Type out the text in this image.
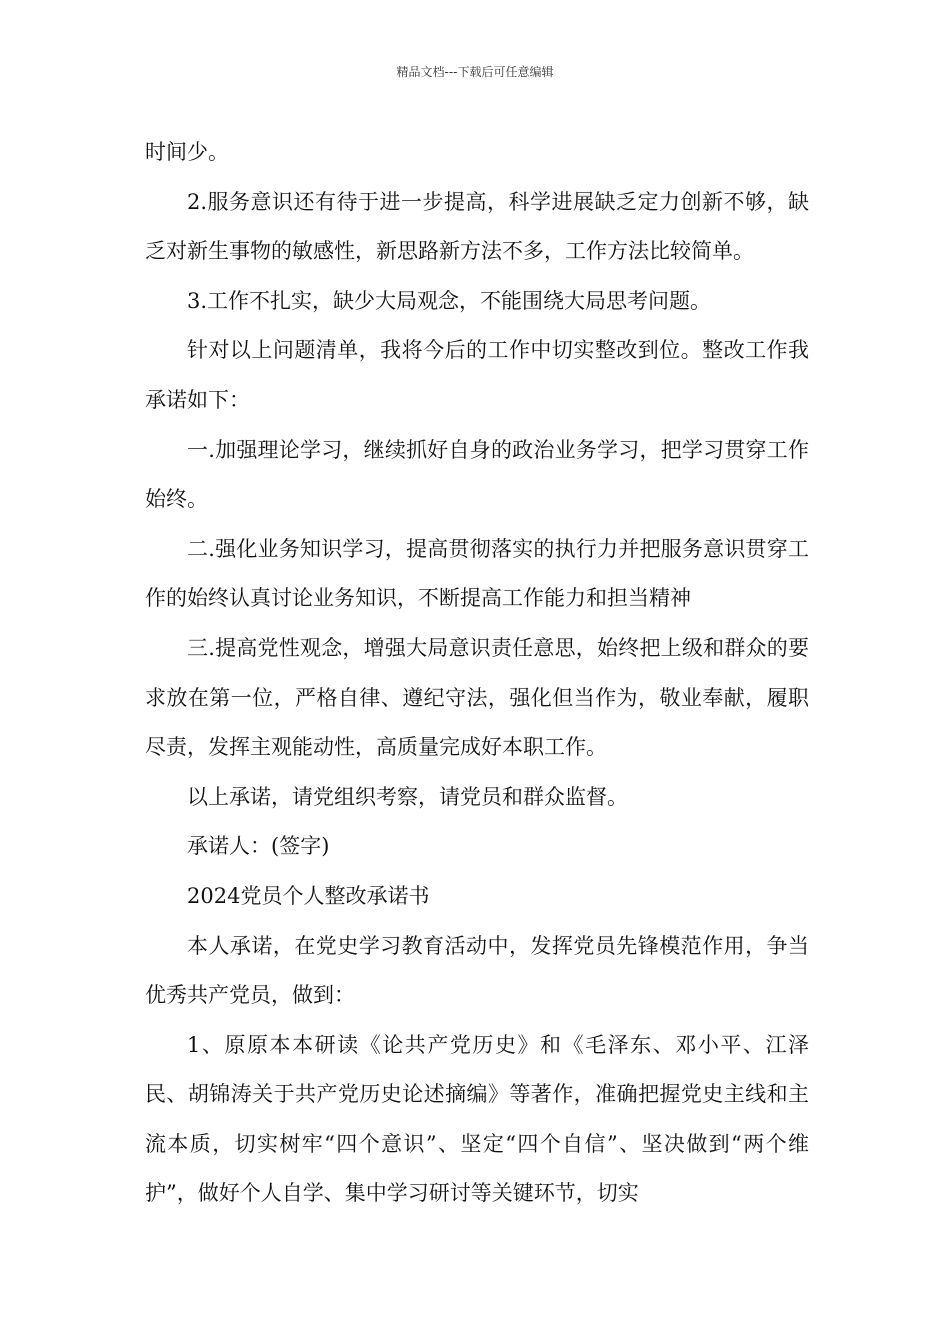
精品文档---下载后可任意编辑

时间少。

2.服务意识还有待于进一步提高，科学进展缺乏定力创新不够，缺乏对新生事物的敏感性，新思路新方法不多，工作方法比较简单。

3.工作不扎实，缺少大局观念，不能围绕大局思考问题。

针对以上问题清单，我将今后的工作中切实整改到位。整改工作我承诺如下：

一.加强理论学习，继续抓好自身的政治业务学习，把学习贯穿工作始终。

二.强化业务知识学习，提高贯彻落实的执行力并把服务意识贯穿工作的始终认真讨论业务知识，不断提高工作能力和担当精神

三.提高党性观念，增强大局意识责任意思，始终把上级和群众的要求放在第一位，严格自律、遵纪守法，强化但当作为，敬业奉献，履职尽责，发挥主观能动性，高质量完成好本职工作。

以上承诺，请党组织考察，请党员和群众监督。

承诺人：(签字)

2024党员个人整改承诺书

本人承诺，在党史学习教育活动中，发挥党员先锋模范作用，争当优秀共产党员，做到：

1、原原本本研读《论共产党历史》和《毛泽东、邓小平、江泽民、胡锦涛关于共产党历史论述摘编》等著作，准确把握党史主线和主流本质，切实树牢“四个意识”、坚定“四个自信”、坚决做到“两个维护”，做好个人自学、集中学习研讨等关键环节，切实
